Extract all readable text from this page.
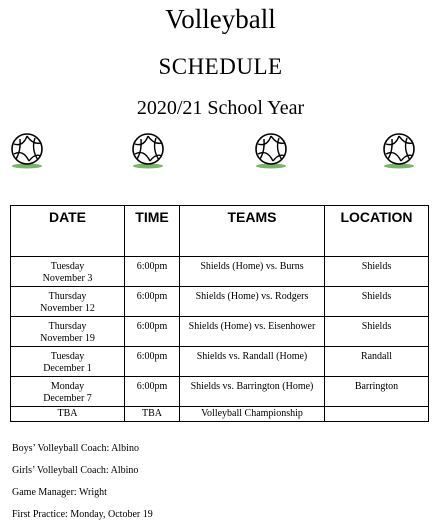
Volleyball
SCHEDULE
2020/21 School Year
DATE	TIME	TEAMS	LOCATION

Tuesday
November 3	6:00pm	Shields (Home) vs. Burns	Shields

Thursday
November 12	6:00pm	Shields (Home) vs. Rodgers	Shields

Thursday
November 19	6:00pm	Shields (Home) vs. Eisenhower	Shields

Tuesday
December 1	6:00pm	Shields vs. Randall (Home)	Randall

Monday
December 7	6:00pm	Shields vs. Barrington (Home)	Barrington
TBA	TBA	Volleyball Championship	
Boys’ Volleyball Coach: Albino
Girls’ Volleyball Coach: Albino
Game Manager: Wright
First Practice: Monday, October 19
